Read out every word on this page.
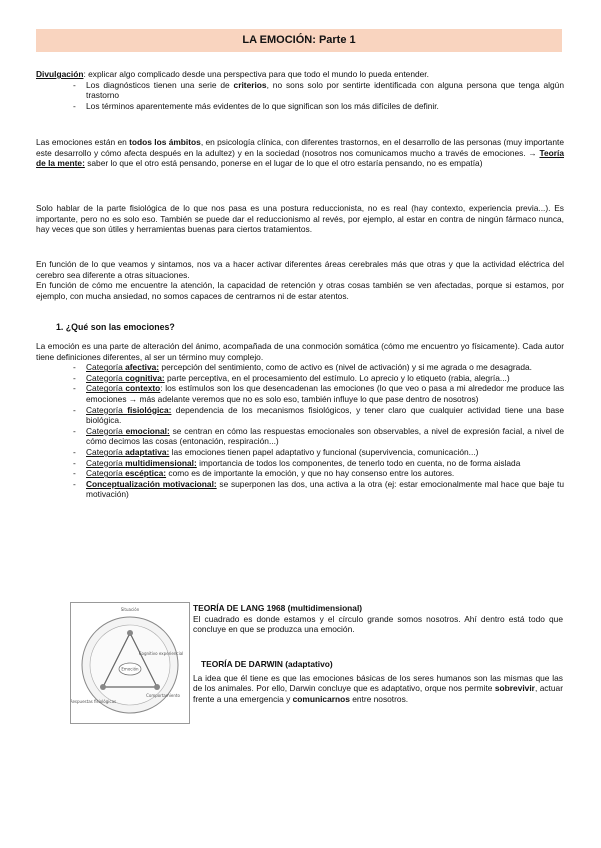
LA EMOCIÓN: Parte 1
Divulgación: explicar algo complicado desde una perspectiva para que todo el mundo lo pueda entender.
- Los diagnósticos tienen una serie de criterios, no sons solo por sentirte identificada con alguna persona que tenga algún trastorno
- Los términos aparentemente más evidentes de lo que significan son los más difíciles de definir.
Las emociones están en todos los ámbitos, en psicología clínica, con diferentes trastornos, en el desarrollo de las personas (muy importante este desarrollo y cómo afecta después en la adultez) y en la sociedad (nosotros nos comunicamos mucho a través de emociones. → Teoría de la mente: saber lo que el otro está pensando, ponerse en el lugar de lo que el otro estaría pensando, no es empatía)
Solo hablar de la parte fisiológica de lo que nos pasa es una postura reduccionista, no es real (hay contexto, experiencia previa...). Es importante, pero no es solo eso. También se puede dar el reduccionismo al revés, por ejemplo, al estar en contra de ningún fármaco nunca, hay veces que son útiles y herramientas buenas para ciertos tratamientos.
En función de lo que veamos y sintamos, nos va a hacer activar diferentes áreas cerebrales más que otras y que la actividad eléctrica del cerebro sea diferente a otras situaciones.
En función de cómo me encuentre la atención, la capacidad de retención y otras cosas también se ven afectadas, porque si estamos, por ejemplo, con mucha ansiedad, no somos capaces de centrarnos ni de estar atentos.
1. ¿Qué son las emociones?
La emoción es una parte de alteración del ánimo, acompañada de una conmoción somática (cómo me encuentro yo físicamente). Cada autor tiene definiciones diferentes, al ser un término muy complejo.
- Categoría afectiva: percepción del sentimiento, como de activo es (nivel de activación) y si me agrada o me desagrada.
- Categoría cognitiva: parte perceptiva, en el procesamiento del estímulo. Lo aprecio y lo etiqueto (rabia, alegría...)
- Categoría contexto: los estímulos son los que desencadenan las emociones (lo que veo o pasa a mi alrededor me produce las emociones → más adelante veremos que no es solo eso, también influye lo que pase dentro de nosotros)
- Categoría fisiológica: dependencia de los mecanismos fisiológicos, y tener claro que cualquier actividad tiene una base biológica.
- Categoría emocional: se centran en cómo las respuestas emocionales son observables, a nivel de expresión facial, a nivel de cómo decimos las cosas (entonación, respiración...)
- Categoría adaptativa: las emociones tienen papel adaptativo y funcional (supervivencia, comunicación...)
- Categoría multidimensional: importancia de todos los componentes, de tenerlo todo en cuenta, no de forma aislada
- Categoría escéptica: como es de importante la emoción, y que no hay consenso entre los autores.
- Conceptualización motivacional: se superponen las dos, una activa a la otra (ej: estar emocionalmente mal hace que baje tu motivación)
Situación
Emoción
Cognitivo experiencial
Respuestas fisiológicas
Comportamiento
TEORÍA DE LANG 1968 (multidimensional)
El cuadrado es donde estamos y el círculo grande somos nosotros. Ahí dentro está todo que concluye en que se produzca una emoción.
TEORÍA DE DARWIN (adaptativo)
La idea que él tiene es que las emociones básicas de los seres humanos son las mismas que las de los animales. Por ello, Darwin concluye que es adaptativo, orque nos permite sobrevivir, actuar frente a una emergencia y comunicarnos entre nosotros.
